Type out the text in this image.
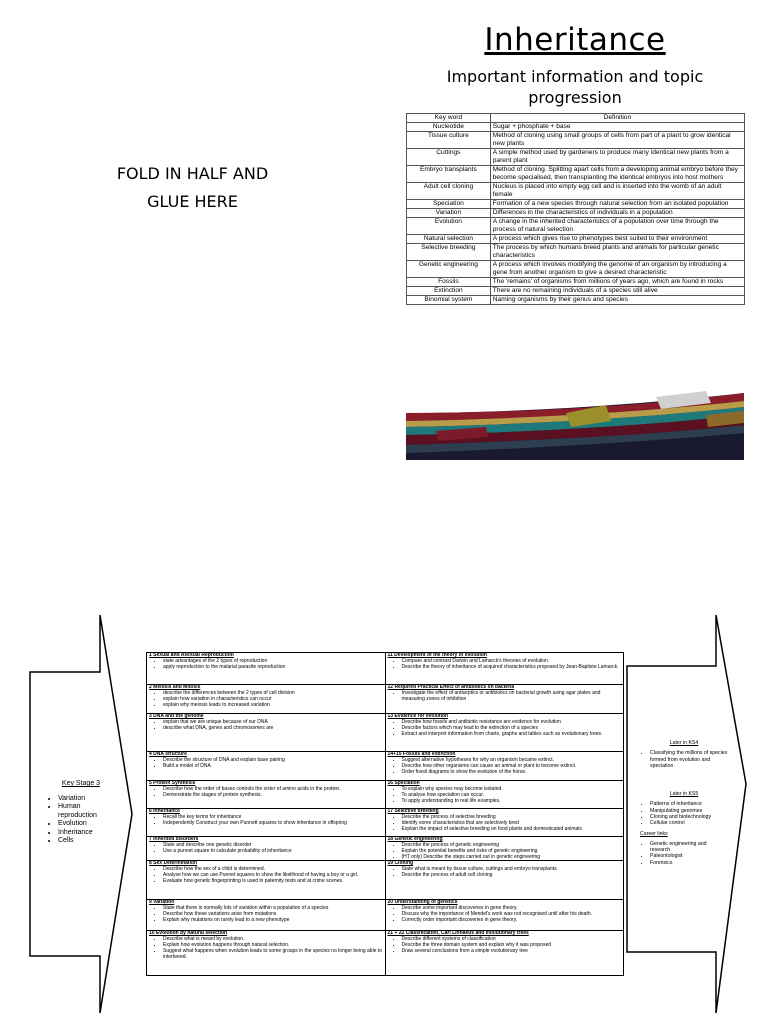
Inheritance
Important information and topic progression
FOLD IN HALF AND GLUE HERE
Key word	Definition
Nucleotide	Sugar + phosphate + base
Tissue culture	Method of cloning using small groups of cells from part of a plant to grow identical new plants
Cuttings	A simple method used by gardeners to produce many identical new plants from a parent plant
Embryo transplants	Method of cloning. Splitting apart cells from a developing animal embryo before they become specialised, then transplanting the identical embryos into host mothers
Adult cell cloning	Nucleus is placed into empty egg cell and is inserted into the womb of an adult female
Speciation	Formation of a new species through natural selection from an isolated population
Variation	Differences in the characteristics of individuals in a population
Evolution	A change in the inherited characteristics of a population over time through the process of natural selection
Natural selection	A process which gives rise to phenotypes best suited to their environment
Selective breeding	The process by which humans breed plants and animals for particular genetic characteristics
Genetic engineering	A process which involves modifying the genome of an organism by introducing a gene from another organism to give a desired characteristic
Fossils	The 'remains' of organisms from millions of years ago, which are found in rocks
Extinction	There are no remaining individuals of a species still alive
Binomial system	Naming organisms by their genus and species
Key Stage 3
• Variation
• Human reproduction
• Evolution
• Inheritance
• Cells
Later in KS4
• Classifying the millions of species formed from evolution and speciation
Later in KS5
• Patterns of inheritance
• Manipulating genomes
• Cloning and biotechnology
• Cellular control
Career links
• Genetic engineering and research
• Paleontologist
• Forensics
1 Sexual and Asexual Reproduction
• state advantages of the 2 types of reproduction
• apply reproduction to the malarial parasite reproduction
2 Meiosis and Mitosis
• describe the differences between the 2 types of cell division
• explain how variation in characteristics can occur
• explain why meiosis leads to increased variation
3 DNA and the genome
• explain that we are unique because of our DNA
• describe what DNA, genes and chromosomes are
4 DNA structure
• Describe the structure of DNA and explain base pairing
• Build a model of DNA
5 Protein Synthesis
• Describe how the order of bases controls the order of amino acids in the protein.
• Demonstrate the stages of protein synthesis.
6 Inheritance
• Recall the key terms for inheritance
• Independently Construct your own Punnett squares to show inheritance in offspring
7 Inherited disorders
• State and describe one genetic disorder
• Use a punnet square to calculate probability of inheritance
8 Sex Determination
• Describe how the sex of a child is determined.
• Analyse how we can use Punnet squares to show the likelihood of having a boy or a girl.
• Evaluate how genetic fingerprinting is used in paternity tests and at crime scenes.
9 Variation
• State that there is normally lots of variation within a population of a species
• Describe how these variations arise from mutations
• Explain why mutations on rarely lead to a new phenotype
10 Evolution by natural selection
• Describe what is meant by evolution.
• Explain how evolution happens through natural selection.
• Suggest what happens when evolution leads to some groups in the species no longer being able to interbreed.
11 Development of the theory of evolution
• Compare and contrast Darwin and Lamarck's theories of evolution.
• Describe the theory of inheritance of acquired characteristics proposed by Jean-Baptiste Lamarck.
12 Required Practical Effect of antibiotics on bacteria
• Investigate the effect of antiseptics or antibiotics on bacterial growth using agar plates and measuring zones of inhibition
13 Evidence for evolution
• Describe how fossils and antibiotic resistance are evidence for evolution
• Describe factors which may lead to the extinction of a species
• Extract and interpret information from charts, graphs and tables such as evolutionary trees.
14+15 Fossils and extinction
• Suggest alternative hypotheses for why an organism became extinct.
• Describe how other organisms can cause an animal or plant to become extinct.
• Order fossil diagrams to show the evolution of the horse.
16 Speciation
• To explain why species may become isolated.
• To analyse how speciation can occur.
• To apply understanding to real life examples.
17 Selective breeding
• Describe the process of selective breeding
• Identify some characteristics that are selectively bred
• Explain the impact of selective breeding on food plants and domesticated animals
18 Genetic engineering
• Describe the process of genetic engineering
• Explain the potential benefits and risks of genetic engineering
• (HT only) Describe the steps carried out in genetic engineering
19 Cloning
• State what is meant by tissue culture, cuttings and embryo transplants
• Describe the process of adult cell cloning
20 Understanding of genetics
• Describe some important discoveries in gene theory.
• Discuss why the importance of Mendel's work was not recognised until after his death.
• Correctly order important discoveries in gene theory.
21 + 22 Classification, Carl Linnaeus and evolutionary trees
• Describe different systems of classification
• Describe the three domain system and explain why it was proposed
• Draw several conclusions from a simple evolutionary tree
